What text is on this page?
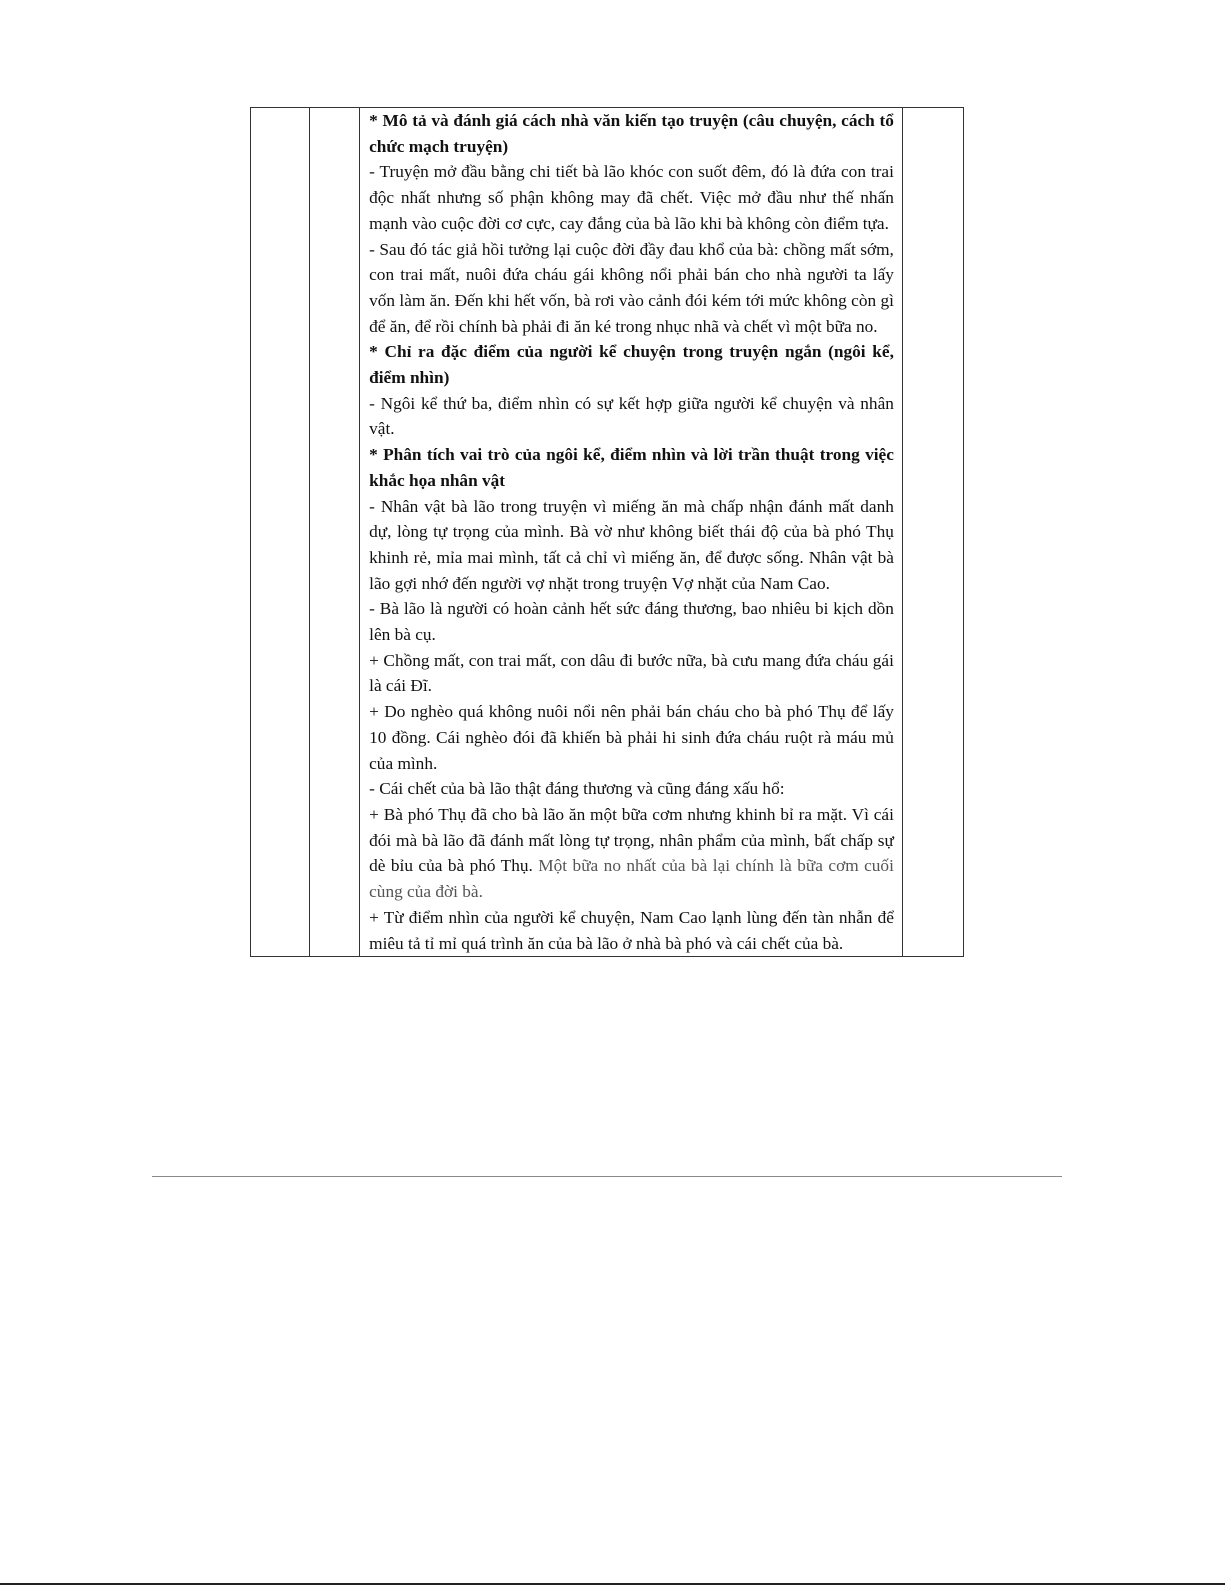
* Mô tả và đánh giá cách nhà văn kiến tạo truyện (câu chuyện, cách tổ chức mạch truyện)

- Truyện mở đầu bằng chi tiết bà lão khóc con suốt đêm, đó là đứa con trai độc nhất nhưng số phận không may đã chết. Việc mở đầu như thế nhấn mạnh vào cuộc đời cơ cực, cay đắng của bà lão khi bà không còn điểm tựa.

- Sau đó tác giả hồi tưởng lại cuộc đời đầy đau khổ của bà: chồng mất sớm, con trai mất, nuôi đứa cháu gái không nổi phải bán cho nhà người ta lấy vốn làm ăn. Đến khi hết vốn, bà rơi vào cảnh đói kém tới mức không còn gì để ăn, để rồi chính bà phải đi ăn ké trong nhục nhã và chết vì một bữa no.

* Chỉ ra đặc điểm của người kể chuyện trong truyện ngắn (ngôi kể, điểm nhìn)

- Ngôi kể thứ ba, điểm nhìn có sự kết hợp giữa người kể chuyện và nhân vật.

* Phân tích vai trò của ngôi kể, điểm nhìn và lời trần thuật trong việc khắc họa nhân vật

- Nhân vật bà lão trong truyện vì miếng ăn mà chấp nhận đánh mất danh dự, lòng tự trọng của mình. Bà vờ như không biết thái độ của bà phó Thụ khinh rẻ, mỉa mai mình, tất cả chỉ vì miếng ăn, để được sống. Nhân vật bà lão gợi nhớ đến người vợ nhặt trong truyện Vợ nhặt của Nam Cao.

- Bà lão là người có hoàn cảnh hết sức đáng thương, bao nhiêu bi kịch dồn lên bà cụ.

+ Chồng mất, con trai mất, con dâu đi bước nữa, bà cưu mang đứa cháu gái là cái Đĩ.

+ Do nghèo quá không nuôi nổi nên phải bán cháu cho bà phó Thụ để lấy 10 đồng. Cái nghèo đói đã khiến bà phải hi sinh đứa cháu ruột rà máu mủ của mình.

- Cái chết của bà lão thật đáng thương và cũng đáng xấu hổ:

+ Bà phó Thụ đã cho bà lão ăn một bữa cơm nhưng khinh bỉ ra mặt. Vì cái đói mà bà lão đã đánh mất lòng tự trọng, nhân phẩm của mình, bất chấp sự dè bỉu của bà phó Thụ. Một bữa no nhất của bà lại chính là bữa cơm cuối cùng của đời bà.

+ Từ điểm nhìn của người kể chuyện, Nam Cao lạnh lùng đến tàn nhẫn để miêu tả tỉ mỉ quá trình ăn của bà lão ở nhà bà phó và cái chết của bà.
